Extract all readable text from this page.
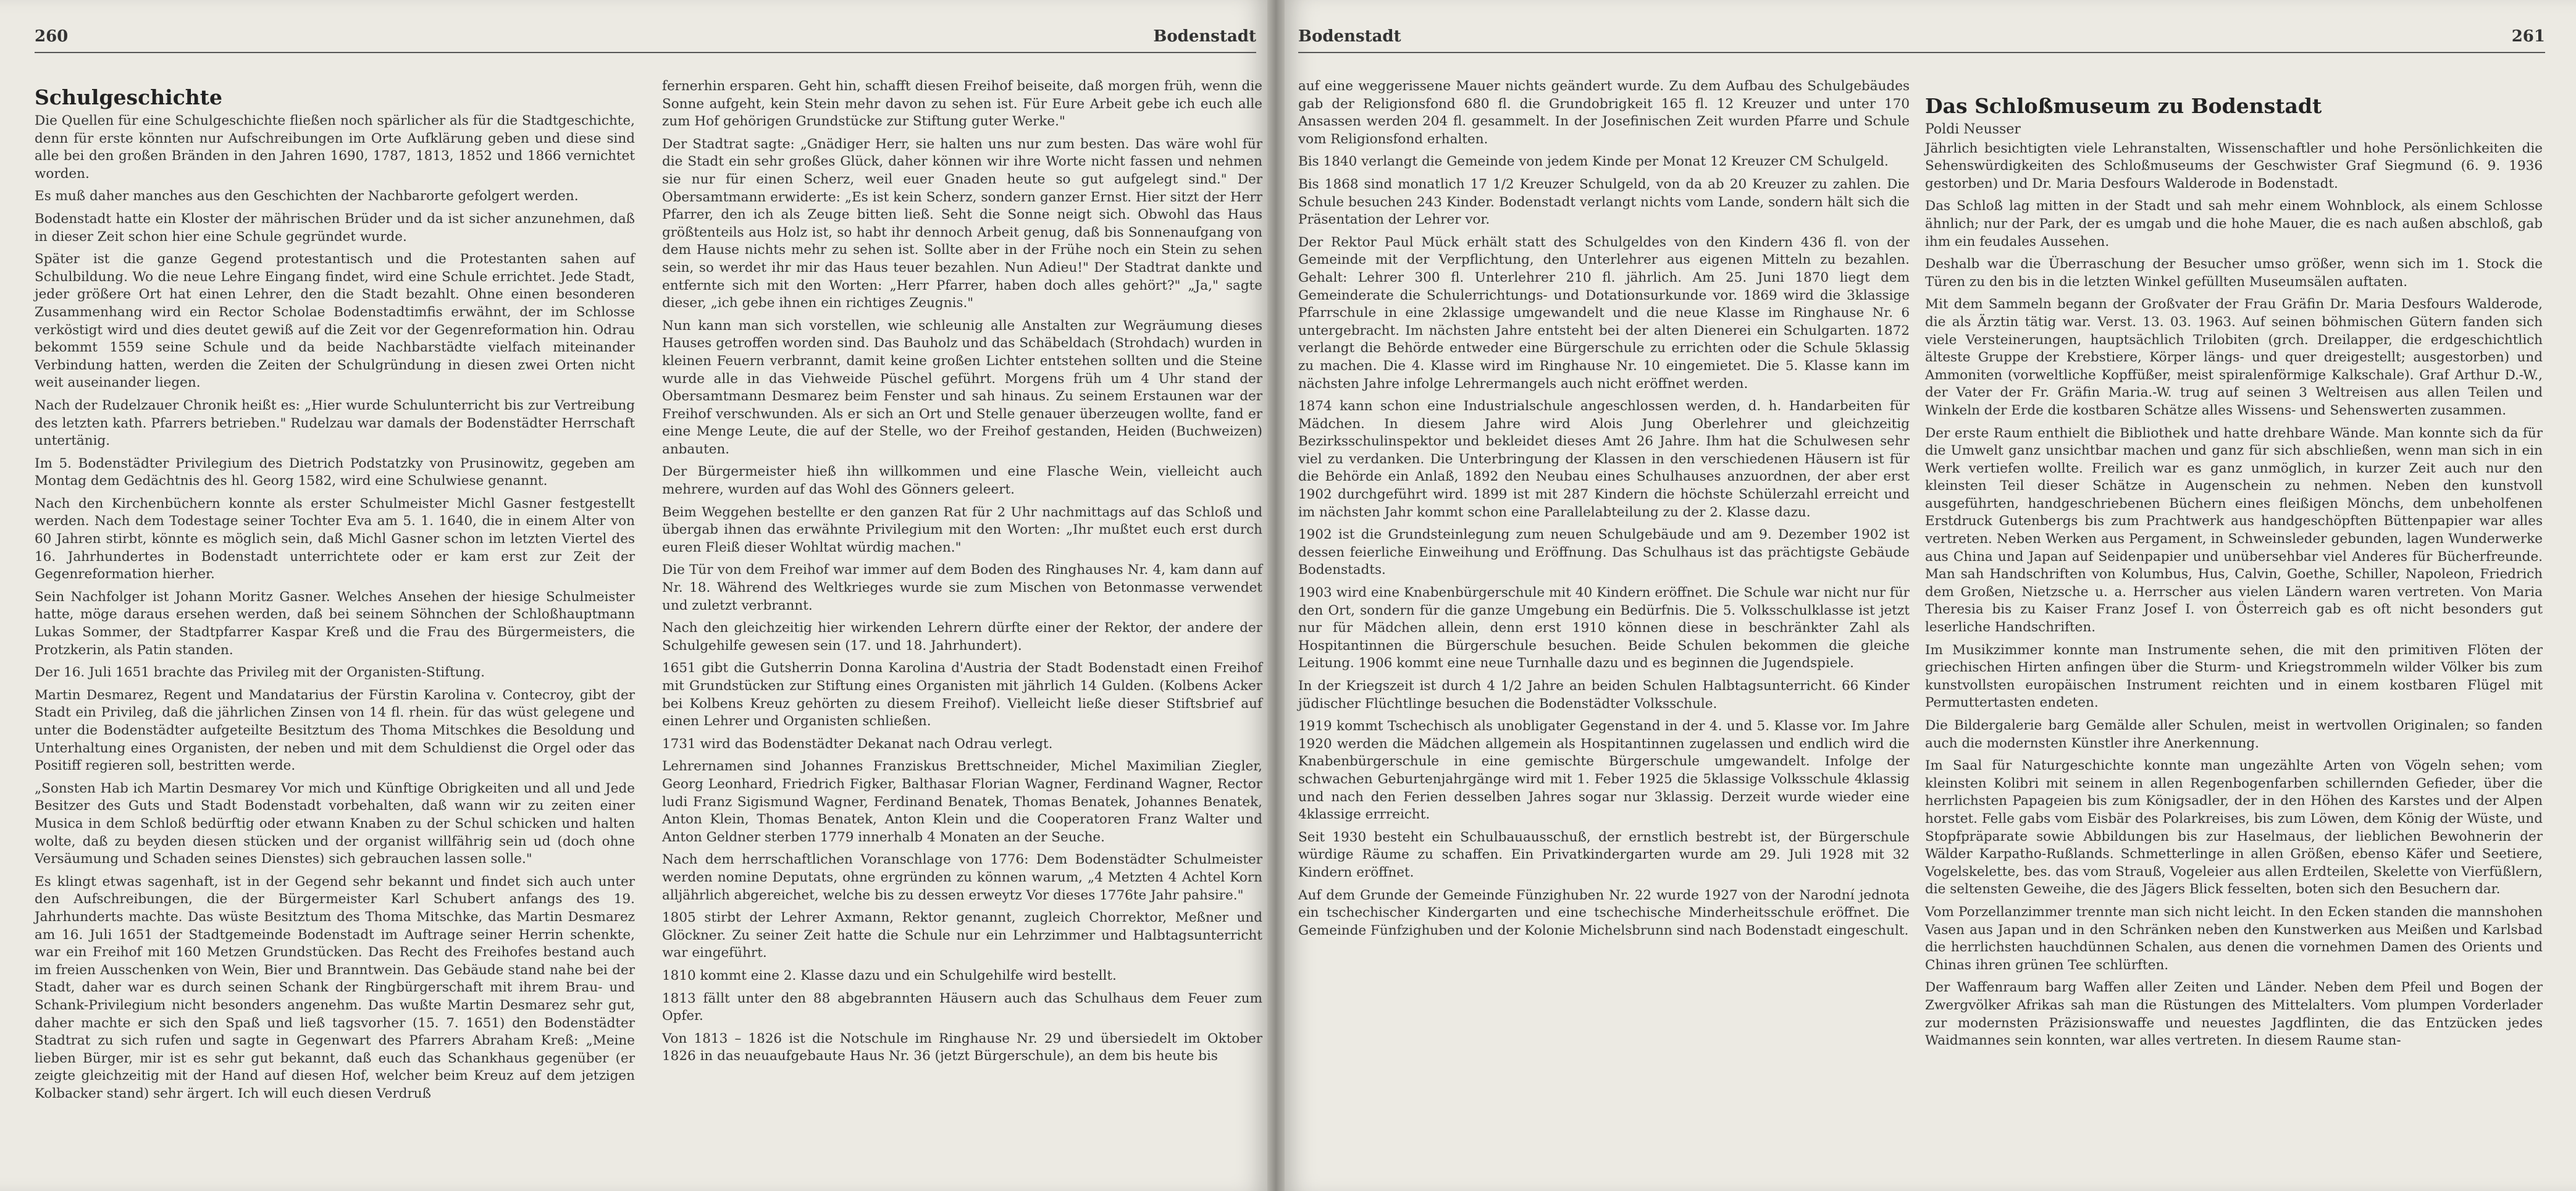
260	Bodenstadt
Schulgeschichte

Die Quellen für eine Schulgeschichte fließen noch spärlicher als für die Stadtgeschichte, denn für erste könnten nur Aufschreibungen im Orte Aufklärung geben und diese sind alle bei den großen Bränden in den Jahren 1690, 1787, 1813, 1852 und 1866 vernichtet worden.

Es muß daher manches aus den Geschichten der Nachbarorte gefolgert werden.

Bodenstadt hatte ein Kloster der mährischen Brüder und da ist sicher anzunehmen, daß in dieser Zeit schon hier eine Schule gegründet wurde.

Später ist die ganze Gegend protestantisch und die Protestanten sahen auf Schulbildung. Wo die neue Lehre Eingang findet, wird eine Schule errichtet. Jede Stadt, jeder größere Ort hat einen Lehrer, den die Stadt bezahlt. Ohne einen besonderen Zusammenhang wird ein Rector Scholae Bodenstadtimfis erwähnt, der im Schlosse verköstigt wird und dies deutet gewiß auf die Zeit vor der Gegenreformation hin. Odrau bekommt 1559 seine Schule und da beide Nachbarstädte vielfach miteinander Verbindung hatten, werden die Zeiten der Schulgründung in diesen zwei Orten nicht weit auseinander liegen.

Nach der Rudelzauer Chronik heißt es: „Hier wurde Schulunterricht bis zur Vertreibung des letzten kath. Pfarrers betrieben." Rudelzau war damals der Bodenstädter Herrschaft untertänig.

Im 5. Bodenstädter Privilegium des Dietrich Podstatzky von Prusinowitz, gegeben am Montag dem Gedächtnis des hl. Georg 1582, wird eine Schulwiese genannt.

Nach den Kirchenbüchern konnte als erster Schulmeister Michl Gasner festgestellt werden. Nach dem Todestage seiner Tochter Eva am 5. 1. 1640, die in einem Alter von 60 Jahren stirbt, könnte es möglich sein, daß Michl Gasner schon im letzten Viertel des 16. Jahrhundertes in Bodenstadt unterrichtete oder er kam erst zur Zeit der Gegenreformation hierher.

Sein Nachfolger ist Johann Moritz Gasner. Welches Ansehen der hiesige Schulmeister hatte, möge daraus ersehen werden, daß bei seinem Söhnchen der Schloßhauptmann Lukas Sommer, der Stadtpfarrer Kaspar Kreß und die Frau des Bürgermeisters, die Protzkerin, als Patin standen.

Der 16. Juli 1651 brachte das Privileg mit der Organisten-Stiftung.

Martin Desmarez, Regent und Mandatarius der Fürstin Karolina v. Contecroy, gibt der Stadt ein Privileg, daß die jährlichen Zinsen von 14 fl. rhein. für das wüst gelegene und unter die Bodenstädter aufgeteilte Besitztum des Thoma Mitschkes die Besoldung und Unterhaltung eines Organisten, der neben und mit dem Schuldienst die Orgel oder das Positiff regieren soll, bestritten werde.

„Sonsten Hab ich Martin Desmarey Vor mich und Künftige Obrigkeiten und all und Jede Besitzer des Guts und Stadt Bodenstadt vorbehalten, daß wann wir zu zeiten einer Musica in dem Schloß bedürftig oder etwann Knaben zu der Schul schicken und halten wolte, daß zu beyden diesen stücken und der organist willfährig sein ud (doch ohne Versäumung und Schaden seines Dienstes) sich gebrauchen lassen solle."

Es klingt etwas sagenhaft, ist in der Gegend sehr bekannt und findet sich auch unter den Aufschreibungen, die der Bürgermeister Karl Schubert anfangs des 19. Jahrhunderts machte. Das wüste Besitztum des Thoma Mitschke, das Martin Desmarez am 16. Juli 1651 der Stadtgemeinde Bodenstadt im Auftrage seiner Herrin schenkte, war ein Freihof mit 160 Metzen Grundstücken. Das Recht des Freihofes bestand auch im freien Ausschenken von Wein, Bier und Branntwein. Das Gebäude stand nahe bei der Stadt, daher war es durch seinen Schank der Ringbürgerschaft mit ihrem Brau- und Schank-Privilegium nicht besonders angenehm. Das wußte Martin Desmarez sehr gut, daher machte er sich den Spaß und ließ tagsvorher (15. 7. 1651) den Bodenstädter Stadtrat zu sich rufen und sagte in Gegenwart des Pfarrers Abraham Kreß: „Meine lieben Bürger, mir ist es sehr gut bekannt, daß euch das Schankhaus gegenüber (er zeigte gleichzeitig mit der Hand auf diesen Hof, welcher beim Kreuz auf dem jetzigen Kolbacker stand) sehr ärgert. Ich will euch diesen Verdruß

fernerhin ersparen. Geht hin, schafft diesen Freihof beiseite, daß morgen früh, wenn die Sonne aufgeht, kein Stein mehr davon zu sehen ist. Für Eure Arbeit gebe ich euch alle zum Hof gehörigen Grundstücke zur Stiftung guter Werke."

Der Stadtrat sagte: „Gnädiger Herr, sie halten uns nur zum besten. Das wäre wohl für die Stadt ein sehr großes Glück, daher können wir ihre Worte nicht fassen und nehmen sie nur für einen Scherz, weil euer Gnaden heute so gut aufgelegt sind." Der Obersamtmann erwiderte: „Es ist kein Scherz, sondern ganzer Ernst. Hier sitzt der Herr Pfarrer, den ich als Zeuge bitten ließ. Seht die Sonne neigt sich. Obwohl das Haus größtenteils aus Holz ist, so habt ihr dennoch Arbeit genug, daß bis Sonnenaufgang von dem Hause nichts mehr zu sehen ist. Sollte aber in der Frühe noch ein Stein zu sehen sein, so werdet ihr mir das Haus teuer bezahlen. Nun Adieu!" Der Stadtrat dankte und entfernte sich mit den Worten: „Herr Pfarrer, haben doch alles gehört?" „Ja," sagte dieser, „ich gebe ihnen ein richtiges Zeugnis."

Nun kann man sich vorstellen, wie schleunig alle Anstalten zur Wegräumung dieses Hauses getroffen worden sind. Das Bauholz und das Schäbeldach (Strohdach) wurden in kleinen Feuern verbrannt, damit keine großen Lichter entstehen sollten und die Steine wurde alle in das Viehweide Püschel geführt. Morgens früh um 4 Uhr stand der Obersamtmann Desmarez beim Fenster und sah hinaus. Zu seinem Erstaunen war der Freihof verschwunden. Als er sich an Ort und Stelle genauer überzeugen wollte, fand er eine Menge Leute, die auf der Stelle, wo der Freihof gestanden, Heiden (Buchweizen) anbauten.

Der Bürgermeister hieß ihn willkommen und eine Flasche Wein, vielleicht auch mehrere, wurden auf das Wohl des Gönners geleert.

Beim Weggehen bestellte er den ganzen Rat für 2 Uhr nachmittags auf das Schloß und übergab ihnen das erwähnte Privilegium mit den Worten: „Ihr mußtet euch erst durch euren Fleiß dieser Wohltat würdig machen."

Die Tür von dem Freihof war immer auf dem Boden des Ringhauses Nr. 4, kam dann auf Nr. 18. Während des Weltkrieges wurde sie zum Mischen von Betonmasse verwendet und zuletzt verbrannt.

Nach den gleichzeitig hier wirkenden Lehrern dürfte einer der Rektor, der andere der Schulgehilfe gewesen sein (17. und 18. Jahrhundert).

1651 gibt die Gutsherrin Donna Karolina d'Austria der Stadt Bodenstadt einen Freihof mit Grundstücken zur Stiftung eines Organisten mit jährlich 14 Gulden. (Kolbens Acker bei Kolbens Kreuz gehörten zu diesem Freihof). Vielleicht ließe dieser Stiftsbrief auf einen Lehrer und Organisten schließen.

1731 wird das Bodenstädter Dekanat nach Odrau verlegt.

Lehrernamen sind Johannes Franziskus Brettschneider, Michel Maximilian Ziegler, Georg Leonhard, Friedrich Figker, Balthasar Florian Wagner, Ferdinand Wagner, Rector ludi Franz Sigismund Wagner, Ferdinand Benatek, Thomas Benatek, Johannes Benatek, Anton Klein, Thomas Benatek, Anton Klein und die Cooperatoren Franz Walter und Anton Geldner sterben 1779 innerhalb 4 Monaten an der Seuche.

Nach dem herrschaftlichen Voranschlage von 1776: Dem Bodenstädter Schulmeister werden nomine Deputats, ohne ergründen zu können warum, „4 Metzten 4 Achtel Korn alljährlich abgereichet, welche bis zu dessen erweytz Vor dieses 1776te Jahr pahsire."

1805 stirbt der Lehrer Axmann, Rektor genannt, zugleich Chorrektor, Meßner und Glöckner. Zu seiner Zeit hatte die Schule nur ein Lehrzimmer und Halbtagsunterricht war eingeführt.

1810 kommt eine 2. Klasse dazu und ein Schulgehilfe wird bestellt.

1813 fällt unter den 88 abgebrannten Häusern auch das Schulhaus dem Feuer zum Opfer.

Von 1813 – 1826 ist die Notschule im Ringhause Nr. 29 und übersiedelt im Oktober 1826 in das neuaufgebaute Haus Nr. 36 (jetzt Bürgerschule), an dem bis heute bis

Bodenstadt	261

auf eine weggerissene Mauer nichts geändert wurde. Zu dem Aufbau des Schulgebäudes gab der Religionsfond 680 fl. die Grundobrigkeit 165 fl. 12 Kreuzer und unter 170 Ansassen werden 204 fl. gesammelt. In der Josefinischen Zeit wurden Pfarre und Schule vom Religionsfond erhalten.

Bis 1840 verlangt die Gemeinde von jedem Kinde per Monat 12 Kreuzer CM Schulgeld.

Bis 1868 sind monatlich 17 1/2 Kreuzer Schulgeld, von da ab 20 Kreuzer zu zahlen. Die Schule besuchen 243 Kinder. Bodenstadt verlangt nichts vom Lande, sondern hält sich die Präsentation der Lehrer vor.

Der Rektor Paul Mück erhält statt des Schulgeldes von den Kindern 436 fl. von der Gemeinde mit der Verpflichtung, den Unterlehrer aus eigenen Mitteln zu bezahlen. Gehalt: Lehrer 300 fl. Unterlehrer 210 fl. jährlich. Am 25. Juni 1870 liegt dem Gemeinderate die Schulerrichtungs- und Dotationsurkunde vor. 1869 wird die 3klassige Pfarrschule in eine 2klassige umgewandelt und die neue Klasse im Ringhause Nr. 6 untergebracht. Im nächsten Jahre entsteht bei der alten Dienerei ein Schulgarten. 1872 verlangt die Behörde entweder eine Bürgerschule zu errichten oder die Schule 5klassig zu machen. Die 4. Klasse wird im Ringhause Nr. 10 eingemietet. Die 5. Klasse kann im nächsten Jahre infolge Lehrermangels auch nicht eröffnet werden.

1874 kann schon eine Industrialschule angeschlossen werden, d. h. Handarbeiten für Mädchen. In diesem Jahre wird Alois Jung Oberlehrer und gleichzeitig Bezirksschulinspektor und bekleidet dieses Amt 26 Jahre. Ihm hat die Schulwesen sehr viel zu verdanken. Die Unterbringung der Klassen in den verschiedenen Häusern ist für die Behörde ein Anlaß, 1892 den Neubau eines Schulhauses anzuordnen, der aber erst 1902 durchgeführt wird. 1899 ist mit 287 Kindern die höchste Schülerzahl erreicht und im nächsten Jahr kommt schon eine Parallelabteilung zu der 2. Klasse dazu.

1902 ist die Grundsteinlegung zum neuen Schulgebäude und am 9. Dezember 1902 ist dessen feierliche Einweihung und Eröffnung. Das Schulhaus ist das prächtigste Gebäude Bodenstadts.

1903 wird eine Knabenbürgerschule mit 40 Kindern eröffnet. Die Schule war nicht nur für den Ort, sondern für die ganze Umgebung ein Bedürfnis. Die 5. Volksschulklasse ist jetzt nur für Mädchen allein, denn erst 1910 können diese in beschränkter Zahl als Hospitantinnen die Bürgerschule besuchen. Beide Schulen bekommen die gleiche Leitung. 1906 kommt eine neue Turnhalle dazu und es beginnen die Jugendspiele.

In der Kriegszeit ist durch 4 1/2 Jahre an beiden Schulen Halbtagsunterricht. 66 Kinder jüdischer Flüchtlinge besuchen die Bodenstädter Volksschule.

1919 kommt Tschechisch als unobligater Gegenstand in der 4. und 5. Klasse vor. Im Jahre 1920 werden die Mädchen allgemein als Hospitantinnen zugelassen und endlich wird die Knabenbürgerschule in eine gemischte Bürgerschule umgewandelt. Infolge der schwachen Geburtenjahrgänge wird mit 1. Feber 1925 die 5klassige Volksschule 4klassig und nach den Ferien desselben Jahres sogar nur 3klassig. Derzeit wurde wieder eine 4klassige errreicht.

Seit 1930 besteht ein Schulbauausschuß, der ernstlich bestrebt ist, der Bürgerschule würdige Räume zu schaffen. Ein Privatkindergarten wurde am 29. Juli 1928 mit 32 Kindern eröffnet.

Auf dem Grunde der Gemeinde Fünzighuben Nr. 22 wurde 1927 von der Narodní jednota ein tschechischer Kindergarten und eine tschechische Minderheitsschule eröffnet. Die Gemeinde Fünfzighuben und der Kolonie Michelsbrunn sind nach Bodenstadt eingeschult.

Das Schloßmuseum zu Bodenstadt

Poldi Neusser

Jährlich besichtigten viele Lehranstalten, Wissenschaftler und hohe Persönlichkeiten die Sehenswürdigkeiten des Schloßmuseums der Geschwister Graf Siegmund (6. 9. 1936 gestorben) und Dr. Maria Desfours Walderode in Bodenstadt.

Das Schloß lag mitten in der Stadt und sah mehr einem Wohnblock, als einem Schlosse ähnlich; nur der Park, der es umgab und die hohe Mauer, die es nach außen abschloß, gab ihm ein feudales Aussehen.

Deshalb war die Überraschung der Besucher umso größer, wenn sich im 1. Stock die Türen zu den bis in die letzten Winkel gefüllten Museumsälen auftaten.

Mit dem Sammeln begann der Großvater der Frau Gräfin Dr. Maria Desfours Walderode, die als Ärztin tätig war. Verst. 13. 03. 1963. Auf seinen böhmischen Gütern fanden sich viele Versteinerungen, hauptsächlich Trilobiten (grch. Dreilapper, die erdgeschichtlich älteste Gruppe der Krebstiere, Körper längs- und quer dreigestellt; ausgestorben) und Ammoniten (vorweltliche Kopffüßer, meist spiralenförmige Kalkschale). Graf Arthur D.-W., der Vater der Fr. Gräfin Maria.-W. trug auf seinen 3 Weltreisen aus allen Teilen und Winkeln der Erde die kostbaren Schätze alles Wissens- und Sehenswerten zusammen.

Der erste Raum enthielt die Bibliothek und hatte drehbare Wände. Man konnte sich da für die Umwelt ganz unsichtbar machen und ganz für sich abschließen, wenn man sich in ein Werk vertiefen wollte. Freilich war es ganz unmöglich, in kurzer Zeit auch nur den kleinsten Teil dieser Schätze in Augenschein zu nehmen. Neben den kunstvoll ausgeführten, handgeschriebenen Büchern eines fleißigen Mönchs, dem unbeholfenen Erstdruck Gutenbergs bis zum Prachtwerk aus handgeschöpften Büttenpapier war alles vertreten. Neben Werken aus Pergament, in Schweinsleder gebunden, lagen Wunderwerke aus China und Japan auf Seidenpapier und unübersehbar viel Anderes für Bücherfreunde. Man sah Handschriften von Kolumbus, Hus, Calvin, Goethe, Schiller, Napoleon, Friedrich dem Großen, Nietzsche u. a. Herrscher aus vielen Ländern waren vertreten. Von Maria Theresia bis zu Kaiser Franz Josef I. von Österreich gab es oft nicht besonders gut leserliche Handschriften.

Im Musikzimmer konnte man Instrumente sehen, die mit den primitiven Flöten der griechischen Hirten anfingen über die Sturm- und Kriegstrommeln wilder Völker bis zum kunstvollsten europäischen Instrument reichten und in einem kostbaren Flügel mit Permuttertasten endeten.

Die Bildergalerie barg Gemälde aller Schulen, meist in wertvollen Originalen; so fanden auch die modernsten Künstler ihre Anerkennung.

Im Saal für Naturgeschichte konnte man ungezählte Arten von Vögeln sehen; vom kleinsten Kolibri mit seinem in allen Regenbogenfarben schillernden Gefieder, über die herrlichsten Papageien bis zum Königsadler, der in den Höhen des Karstes und der Alpen horstet. Felle gabs vom Eisbär des Polarkreises, bis zum Löwen, dem König der Wüste, und Stopfpräparate sowie Abbildungen bis zur Haselmaus, der lieblichen Bewohnerin der Wälder Karpatho-Rußlands. Schmetterlinge in allen Größen, ebenso Käfer und Seetiere, Vogelskelette, bes. das vom Strauß, Vogeleier aus allen Erdteilen, Skelette von Vierfüßlern, die seltensten Geweihe, die des Jägers Blick fesselten, boten sich den Besuchern dar.

Vom Porzellanzimmer trennte man sich nicht leicht. In den Ecken standen die mannshohen Vasen aus Japan und in den Schränken neben den Kunstwerken aus Meißen und Karlsbad die herrlichsten hauchdünnen Schalen, aus denen die vornehmen Damen des Orients und Chinas ihren grünen Tee schlürften.

Der Waffenraum barg Waffen aller Zeiten und Länder. Neben dem Pfeil und Bogen der Zwergvölker Afrikas sah man die Rüstungen des Mittelalters. Vom plumpen Vorderlader zur modernsten Präzisionswaffe und neuestes Jagdflinten, die das Entzücken jedes Waidmannes sein konnten, war alles vertreten. In diesem Raume stan-
